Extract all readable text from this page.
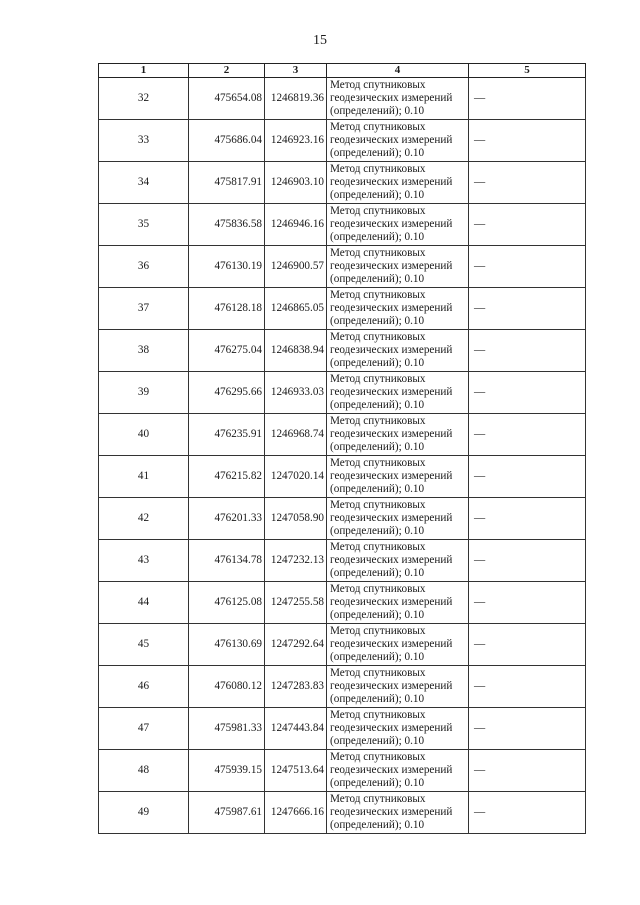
15
1	2	3	4	5
32	475654.08	1246819.36	Метод спутниковых геодезических измерений (определений); 0.10	—
33	475686.04	1246923.16	Метод спутниковых геодезических измерений (определений); 0.10	—
34	475817.91	1246903.10	Метод спутниковых геодезических измерений (определений); 0.10	—
35	475836.58	1246946.16	Метод спутниковых геодезических измерений (определений); 0.10	—
36	476130.19	1246900.57	Метод спутниковых геодезических измерений (определений); 0.10	—
37	476128.18	1246865.05	Метод спутниковых геодезических измерений (определений); 0.10	—
38	476275.04	1246838.94	Метод спутниковых геодезических измерений (определений); 0.10	—
39	476295.66	1246933.03	Метод спутниковых геодезических измерений (определений); 0.10	—
40	476235.91	1246968.74	Метод спутниковых геодезических измерений (определений); 0.10	—
41	476215.82	1247020.14	Метод спутниковых геодезических измерений (определений); 0.10	—
42	476201.33	1247058.90	Метод спутниковых геодезических измерений (определений); 0.10	—
43	476134.78	1247232.13	Метод спутниковых геодезических измерений (определений); 0.10	—
44	476125.08	1247255.58	Метод спутниковых геодезических измерений (определений); 0.10	—
45	476130.69	1247292.64	Метод спутниковых геодезических измерений (определений); 0.10	—
46	476080.12	1247283.83	Метод спутниковых геодезических измерений (определений); 0.10	—
47	475981.33	1247443.84	Метод спутниковых геодезических измерений (определений); 0.10	—
48	475939.15	1247513.64	Метод спутниковых геодезических измерений (определений); 0.10	—
49	475987.61	1247666.16	Метод спутниковых геодезических измерений (определений); 0.10	—
